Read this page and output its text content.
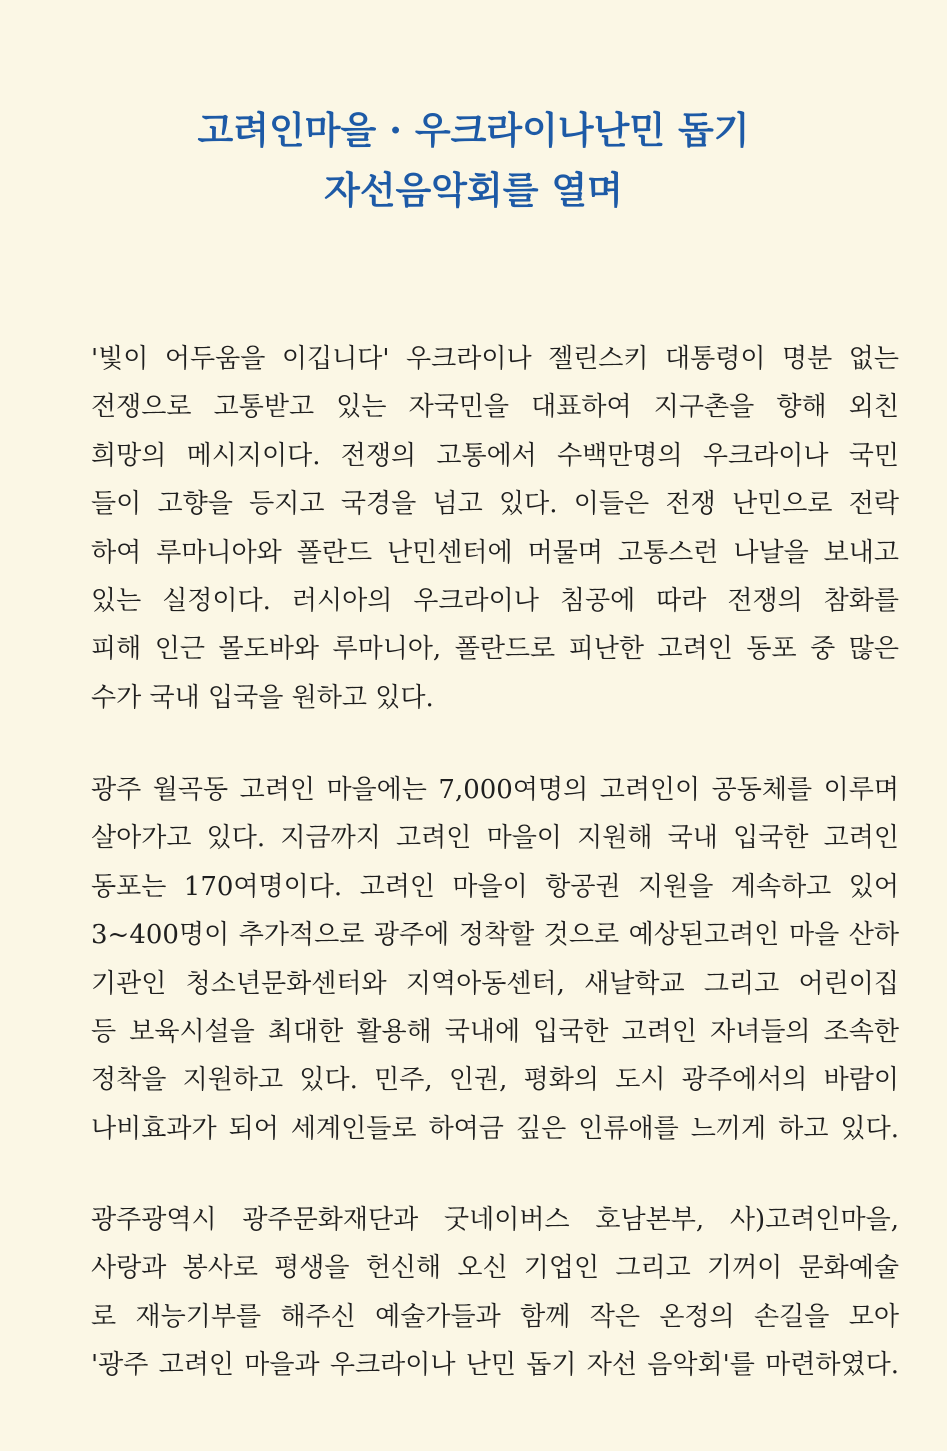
고려인마을 · 우크라이나난민 돕기
자선음악회를 열며
'빛이 어두움을 이깁니다' 우크라이나 젤린스키 대통령이 명분 없는
전쟁으로 고통받고 있는 자국민을 대표하여 지구촌을 향해 외친
희망의 메시지이다. 전쟁의 고통에서 수백만명의 우크라이나 국민
들이 고향을 등지고 국경을 넘고 있다. 이들은 전쟁 난민으로 전락
하여 루마니아와 폴란드 난민센터에 머물며 고통스런 나날을 보내고
있는 실정이다. 러시아의 우크라이나 침공에 따라 전쟁의 참화를
피해 인근 몰도바와 루마니아, 폴란드로 피난한 고려인 동포 중 많은
수가 국내 입국을 원하고 있다.
광주 월곡동 고려인 마을에는 7,000여명의 고려인이 공동체를 이루며
살아가고 있다. 지금까지 고려인 마을이 지원해 국내 입국한 고려인
동포는 170여명이다. 고려인 마을이 항공권 지원을 계속하고 있어
3~400명이 추가적으로 광주에 정착할 것으로 예상된고려인 마을 산하
기관인 청소년문화센터와 지역아동센터, 새날학교 그리고 어린이집
등 보육시설을 최대한 활용해 국내에 입국한 고려인 자녀들의 조속한
정착을 지원하고 있다. 민주, 인권, 평화의 도시 광주에서의 바람이
나비효과가 되어 세계인들로 하여금 깊은 인류애를 느끼게 하고 있다.
광주광역시 광주문화재단과 굿네이버스 호남본부, 사)고려인마을,
사랑과 봉사로 평생을 헌신해 오신 기업인 그리고 기꺼이 문화예술
로 재능기부를 해주신 예술가들과 함께 작은 온정의 손길을 모아
'광주 고려인 마을과 우크라이나 난민 돕기 자선 음악회'를 마련하였다.
